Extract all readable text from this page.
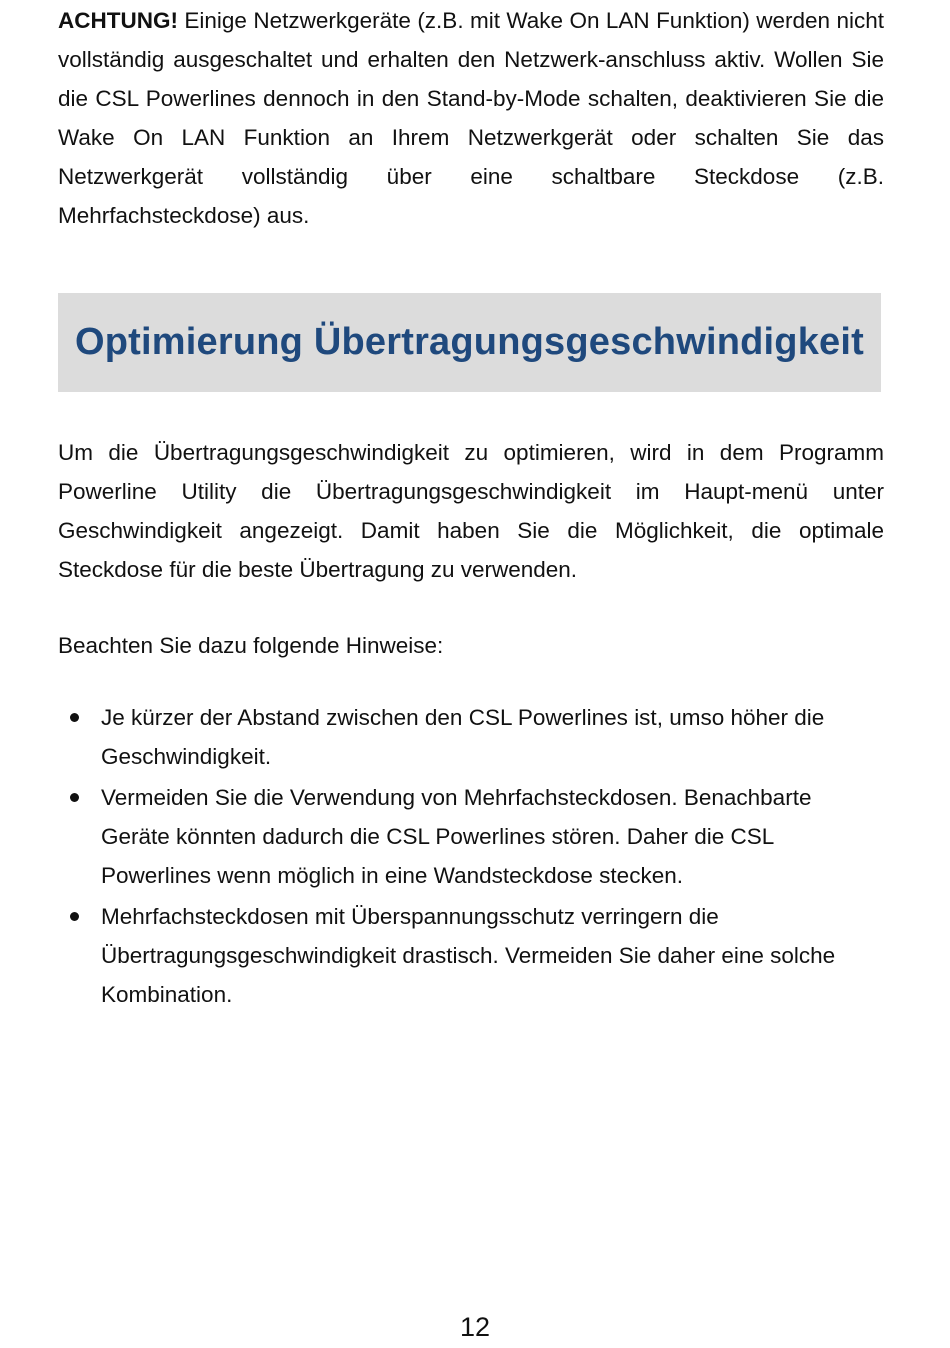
ACHTUNG! Einige Netzwerkgeräte (z.B. mit Wake On LAN Funktion) werden nicht vollständig ausgeschaltet und erhalten den Netzwerk-anschluss aktiv. Wollen Sie die CSL Powerlines dennoch in den Stand-by-Mode schalten, deaktivieren Sie die Wake On LAN Funktion an Ihrem Netzwerkgerät oder schalten Sie das Netzwerkgerät vollständig über eine schaltbare Steckdose (z.B. Mehrfachsteckdose) aus.

Optimierung Übertragungsgeschwindigkeit

Um die Übertragungsgeschwindigkeit zu optimieren, wird in dem Programm Powerline Utility die Übertragungsgeschwindigkeit im Haupt-menü unter Geschwindigkeit angezeigt. Damit haben Sie die Möglichkeit, die optimale Steckdose für die beste Übertragung zu verwenden.

Beachten Sie dazu folgende Hinweise:

Je kürzer der Abstand zwischen den CSL Powerlines ist, umso höher die Geschwindigkeit.
Vermeiden Sie die Verwendung von Mehrfachsteckdosen. Benachbarte Geräte könnten dadurch die CSL Powerlines stören. Daher die CSL Powerlines wenn möglich in eine Wandsteckdose stecken.
Mehrfachsteckdosen mit Überspannungsschutz verringern die Übertragungsgeschwindigkeit drastisch. Vermeiden Sie daher eine solche Kombination.
12
